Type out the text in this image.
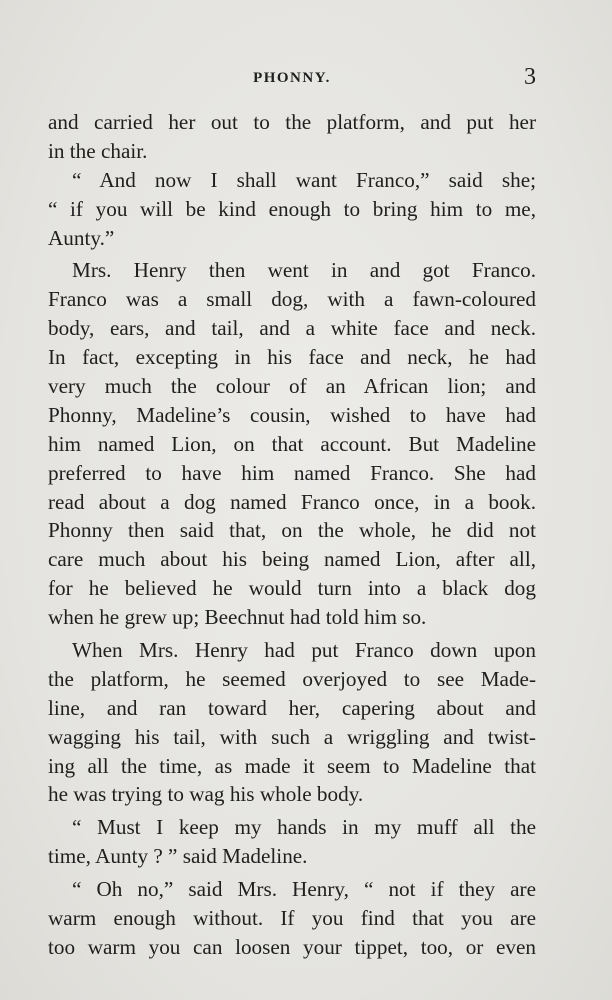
PHONNY.	3
and carried her out to the platform, and put her
in the chair.
“ And now I shall want Franco,” said she;
“ if you will be kind enough to bring him to me,
Aunty.”
Mrs. Henry then went in and got Franco.
Franco was a small dog, with a fawn-coloured
body, ears, and tail, and a white face and neck.
In fact, excepting in his face and neck, he had
very much the colour of an African lion; and
Phonny, Madeline’s cousin, wished to have had
him named Lion, on that account. But Madeline
preferred to have him named Franco. She had
read about a dog named Franco once, in a book.
Phonny then said that, on the whole, he did not
care much about his being named Lion, after all,
for he believed he would turn into a black dog
when he grew up; Beechnut had told him so.
When Mrs. Henry had put Franco down upon
the platform, he seemed overjoyed to see Made-
line, and ran toward her, capering about and
wagging his tail, with such a wriggling and twist-
ing all the time, as made it seem to Madeline that
he was trying to wag his whole body.
“ Must I keep my hands in my muff all the
time, Aunty ? ” said Madeline.
“ Oh no,” said Mrs. Henry, “ not if they are
warm enough without. If you find that you are
too warm you can loosen your tippet, too, or even
